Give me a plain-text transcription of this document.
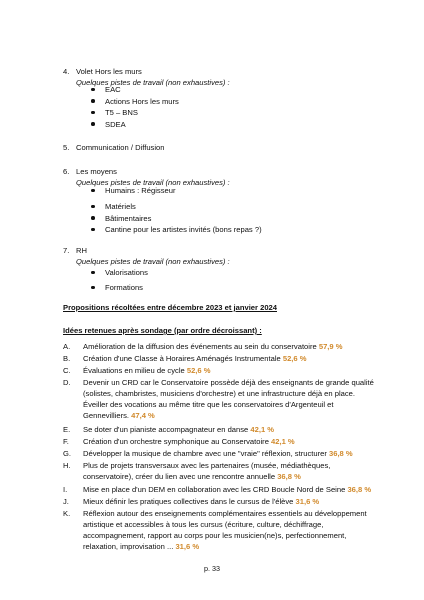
4. Volet Hors les murs
Quelques pistes de travail (non exhaustives) :
EAC
Actions Hors les murs
T5 – BNS
SDEA
5. Communication / Diffusion
6. Les moyens
Quelques pistes de travail (non exhaustives) :
Humains : Régisseur
Matériels
Bâtimentaires
Cantine pour les artistes invités (bons repas ?)
7. RH
Quelques pistes de travail (non exhaustives) :
Valorisations
Formations
Propositions récoltées entre décembre 2023 et janvier 2024
Idées retenues après sondage (par ordre décroissant) :
A.	Amélioration de la diffusion des événements au sein du conservatoire 57,9 %
B.	Création d'une Classe à Horaires Aménagés Instrumentale 52,6 %
C.	Évaluations en milieu de cycle 52,6 %
D.	Devenir un CRD car le Conservatoire possède déjà des enseignants de grande qualité
(solistes, chambristes, musiciens d'orchestre) et une infrastructure déjà en place.
Éveiller des vocations au même titre que les conservatoires d'Argenteuil et
Gennevilliers. 47,4 %
E.	Se doter d'un pianiste accompagnateur en danse 42,1 %
F.	Création d'un orchestre symphonique au Conservatoire 42,1 %
G.	Développer la musique de chambre avec une "vraie" réflexion, structurer 36,8 %
H.	Plus de projets transversaux avec les partenaires (musée, médiathèques,
conservatoire), créer du lien avec une rencontre annuelle 36,8 %
I.	Mise en place d'un DEM en collaboration avec les CRD Boucle Nord de Seine 36,8 %
J.	Mieux définir les pratiques collectives dans le cursus de l'élève 31,6 %
K.	Réflexion autour des enseignements complémentaires essentiels au développement
artistique et accessibles à tous les cursus (écriture, culture, déchiffrage,
accompagnement, rapport au corps pour les musicien(ne)s, perfectionnement,
relaxation, improvisation ... 31,6 %
p. 33
